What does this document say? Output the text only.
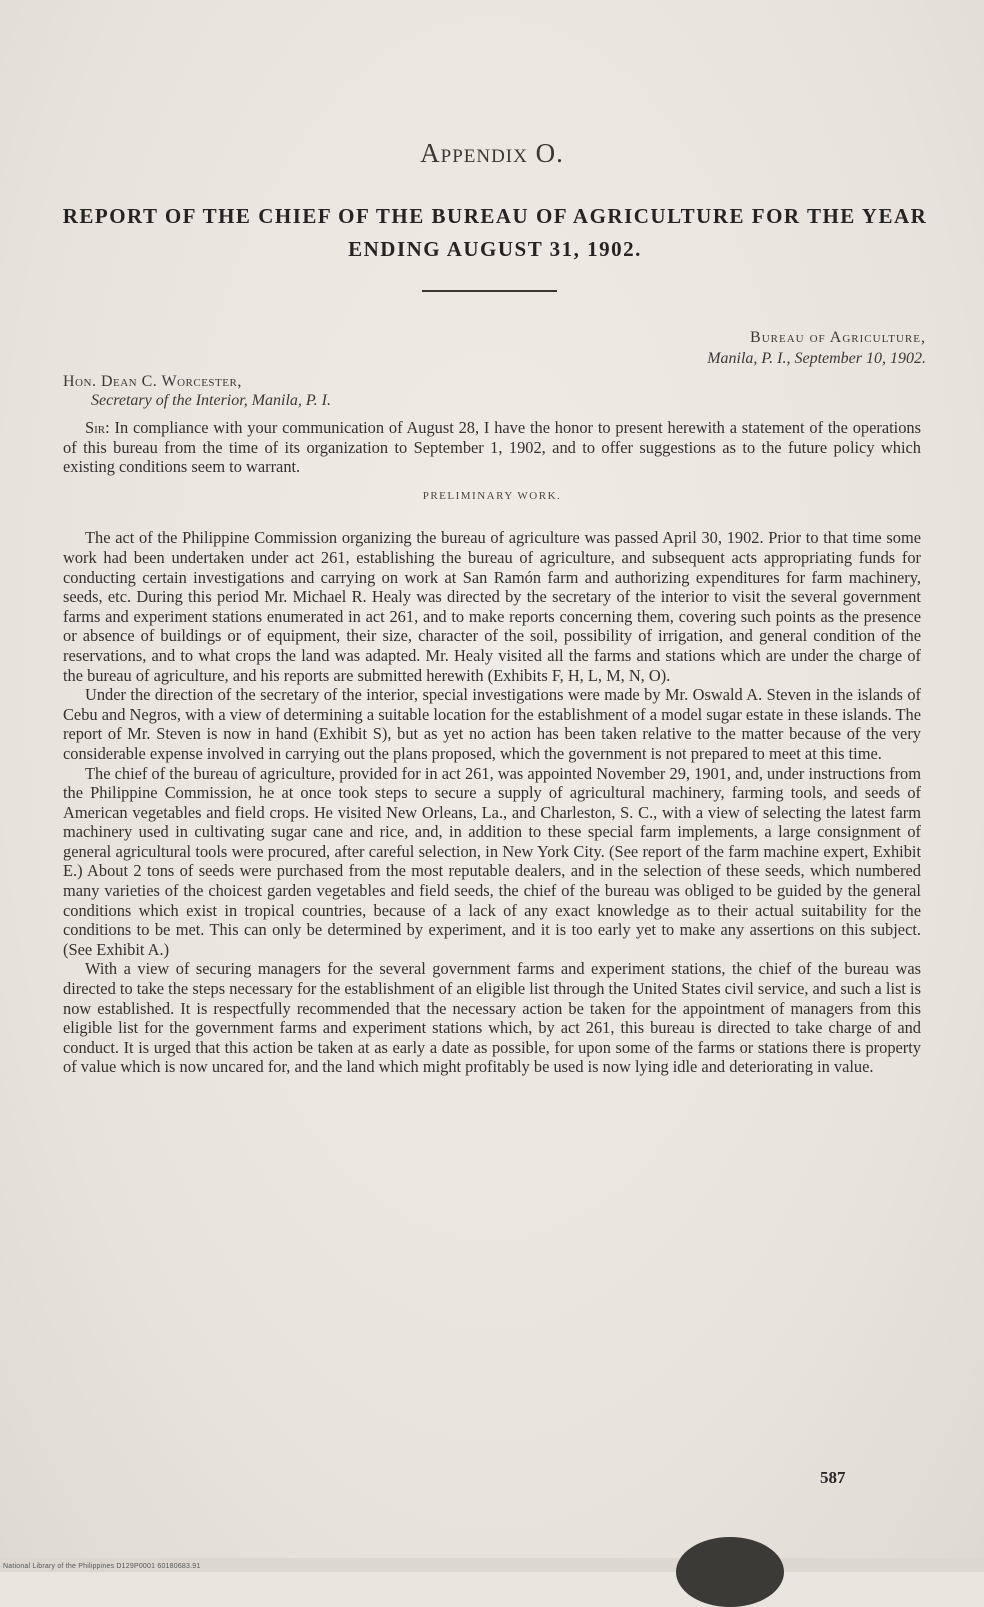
Appendix O.
REPORT OF THE CHIEF OF THE BUREAU OF AGRICULTURE FOR THE YEAR ENDING AUGUST 31, 1902.
Bureau of Agriculture,
Manila, P. I., September 10, 1902.
Hon. Dean C. Worcester,
Secretary of the Interior, Manila, P. I.

Sir: In compliance with your communication of August 28, I have the honor to present herewith a statement of the operations of this bureau from the time of its organization to September 1, 1902, and to offer suggestions as to the future policy which existing conditions seem to warrant.

PRELIMINARY WORK.

The act of the Philippine Commission organizing the bureau of agriculture was passed April 30, 1902. Prior to that time some work had been undertaken under act 261, establishing the bureau of agriculture, and subsequent acts appropriating funds for conducting certain investigations and carrying on work at San Ramón farm and authorizing expenditures for farm machinery, seeds, etc. During this period Mr. Michael R. Healy was directed by the secretary of the interior to visit the several government farms and experiment stations enumerated in act 261, and to make reports concerning them, covering such points as the presence or absence of buildings or of equipment, their size, character of the soil, possibility of irrigation, and general condition of the reservations, and to what crops the land was adapted. Mr. Healy visited all the farms and stations which are under the charge of the bureau of agriculture, and his reports are submitted herewith (Exhibits F, H, L, M, N, O).

Under the direction of the secretary of the interior, special investigations were made by Mr. Oswald A. Steven in the islands of Cebu and Negros, with a view of determining a suitable location for the establishment of a model sugar estate in these islands. The report of Mr. Steven is now in hand (Exhibit S), but as yet no action has been taken relative to the matter because of the very considerable expense involved in carrying out the plans proposed, which the government is not prepared to meet at this time.

The chief of the bureau of agriculture, provided for in act 261, was appointed November 29, 1901, and, under instructions from the Philippine Commission, he at once took steps to secure a supply of agricultural machinery, farming tools, and seeds of American vegetables and field crops. He visited New Orleans, La., and Charleston, S. C., with a view of selecting the latest farm machinery used in cultivating sugar cane and rice, and, in addition to these special farm implements, a large consignment of general agricultural tools were procured, after careful selection, in New York City. (See report of the farm machine expert, Exhibit E.) About 2 tons of seeds were purchased from the most reputable dealers, and in the selection of these seeds, which numbered many varieties of the choicest garden vegetables and field seeds, the chief of the bureau was obliged to be guided by the general conditions which exist in tropical countries, because of a lack of any exact knowledge as to their actual suitability for the conditions to be met. This can only be determined by experiment, and it is too early yet to make any assertions on this subject. (See Exhibit A.)

With a view of securing managers for the several government farms and experiment stations, the chief of the bureau was directed to take the steps necessary for the establishment of an eligible list through the United States civil service, and such a list is now established. It is respectfully recommended that the necessary action be taken for the appointment of managers from this eligible list for the government farms and experiment stations which, by act 261, this bureau is directed to take charge of and conduct. It is urged that this action be taken at as early a date as possible, for upon some of the farms or stations there is property of value which is now uncared for, and the land which might profitably be used is now lying idle and deteriorating in value.

587
National Library of the Philippines D129P0001 60180683.91
